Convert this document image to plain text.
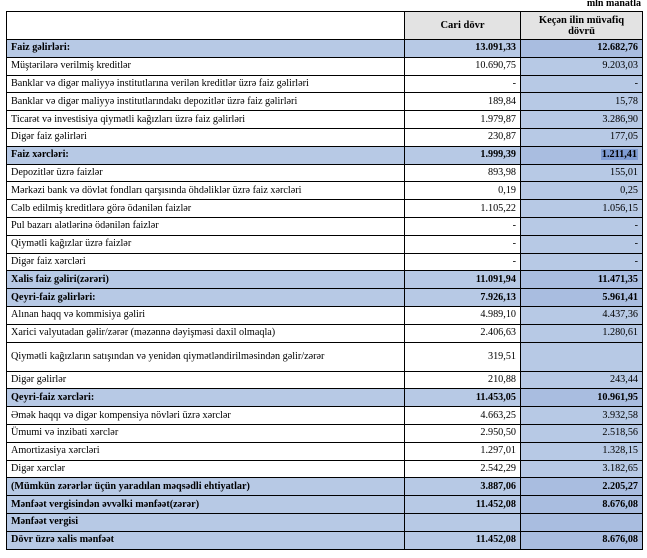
mln manatla
	Cari dövr	Keçən ilin müvafiq dövrü
Faiz gəlirləri:	13.091,33	12.682,76
Müştərilərə verilmiş kreditlər	10.690,75	9.203,03
Banklar və digər maliyyə institutlarına verilən kreditlər üzrə faiz gəlirləri	-	-
Banklar və digər maliyyə institutlarındakı depozitlər üzrə faiz gəlirləri	189,84	15,78
Ticarət və investisiya qiymətli kağızları üzrə faiz gəlirləri	1.979,87	3.286,90
Digər faiz gəlirləri	230,87	177,05
Faiz xərcləri:	1.999,39	1.211,41
Depozitlər üzrə faizlər	893,98	155,01
Mərkəzi bank və dövlət fondları qarşısında öhdəliklər üzrə faiz xərcləri	0,19	0,25
Cəlb edilmiş kreditlərə görə ödənilən faizlər	1.105,22	1.056,15
Pul bazarı alətlərinə ödənilən faizlər	-	-
Qiymətli kağızlar üzrə faizlər	-	-
Digər faiz xərcləri	-	-
Xalis faiz gəliri(zərəri)	11.091,94	11.471,35
Qeyri-faiz gəlirləri:	7.926,13	5.961,41
Alınan haqq və kommisiya gəliri	4.989,10	4.437,36
Xarici valyutadan gəlir/zərər (məzənnə dəyişməsi daxil olmaqla)	2.406,63	1.280,61
Qiymətli kağızların satışından və yenidən qiymətləndirilməsindən gəlir/zərər	319,51	
Digər gəlirlər	210,88	243,44
Qeyri-faiz xərcləri:	11.453,05	10.961,95
Əmək haqqı və digər kompensiya növləri üzrə xərclər	4.663,25	3.932,58
Ümumi və inzibati xərclər	2.950,50	2.518,56
Amortizasiya xərcləri	1.297,01	1.328,15
Digər xərclər	2.542,29	3.182,65
(Mümkün zərərlər üçün yaradılan məqsədli ehtiyatlar)	3.887,06	2.205,27
Mənfəət vergisindən əvvəlki mənfəət(zərər)	11.452,08	8.676,08
Mənfəət vergisi		
Dövr üzrə xalis mənfəət	11.452,08	8.676,08
